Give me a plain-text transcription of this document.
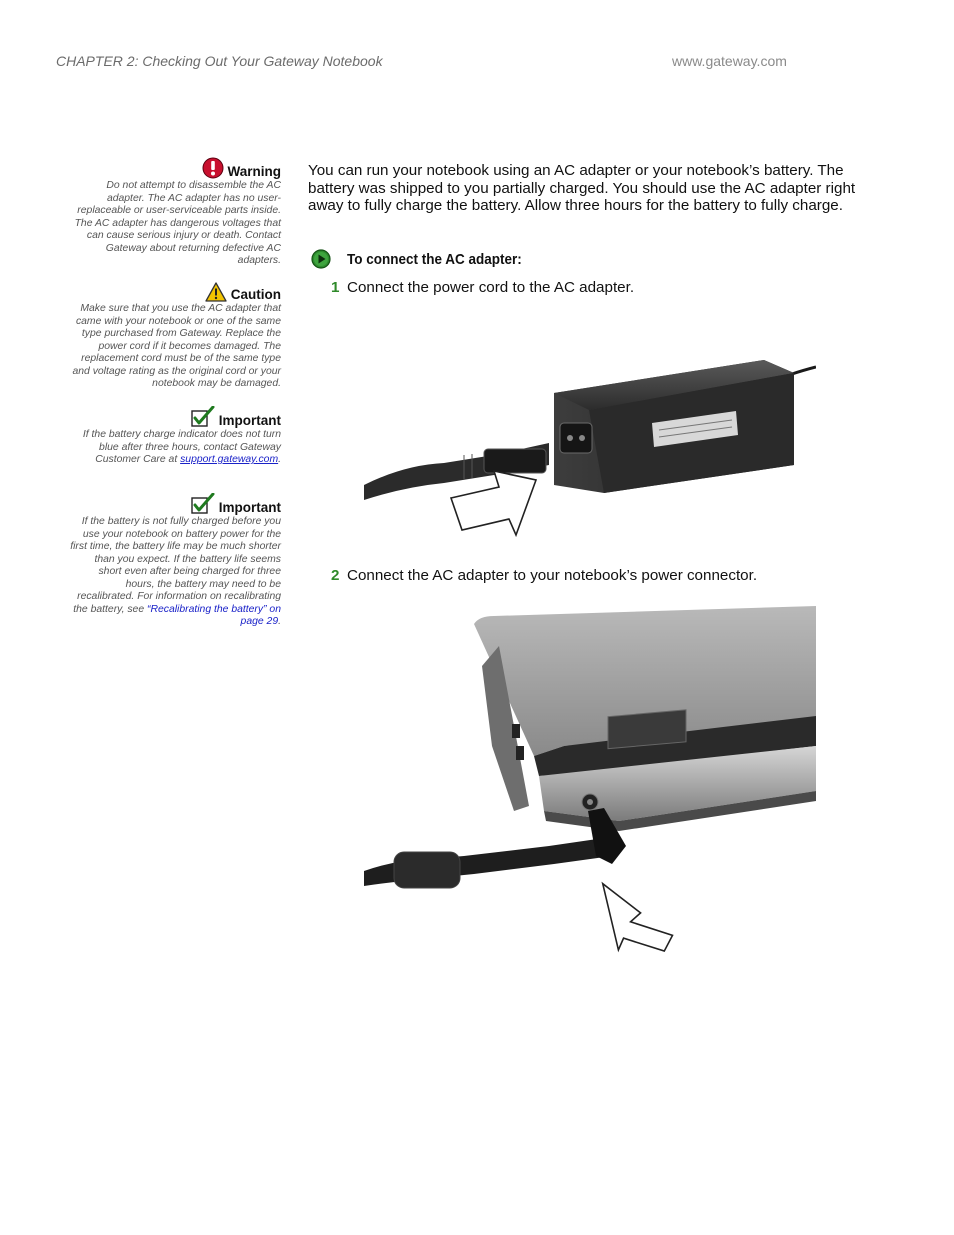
CHAPTER 2: Checking Out Your Gateway Notebook	www.gateway.com
Warning
Do not attempt to disassemble the AC adapter. The AC adapter has no user-replaceable or user-serviceable parts inside. The AC adapter has dangerous voltages that can cause serious injury or death. Contact Gateway about returning defective AC adapters.
Caution
Make sure that you use the AC adapter that came with your notebook or one of the same type purchased from Gateway. Replace the power cord if it becomes damaged. The replacement cord must be of the same type and voltage rating as the original cord or your notebook may be damaged.
Important
If the battery charge indicator does not turn blue after three hours, contact Gateway Customer Care at support.gateway.com.
Important
If the battery is not fully charged before you use your notebook on battery power for the first time, the battery life may be much shorter than you expect. If the battery life seems short even after being charged for three hours, the battery may need to be recalibrated. For information on recalibrating the battery, see “Recalibrating the battery” on page 29.

You can run your notebook using an AC adapter or your notebook’s battery. The battery was shipped to you partially charged. You should use the AC adapter right away to fully charge the battery. Allow three hours for the battery to fully charge.

To connect the AC adapter:
1 Connect the power cord to the AC adapter.
2 Connect the AC adapter to your notebook’s power connector.
